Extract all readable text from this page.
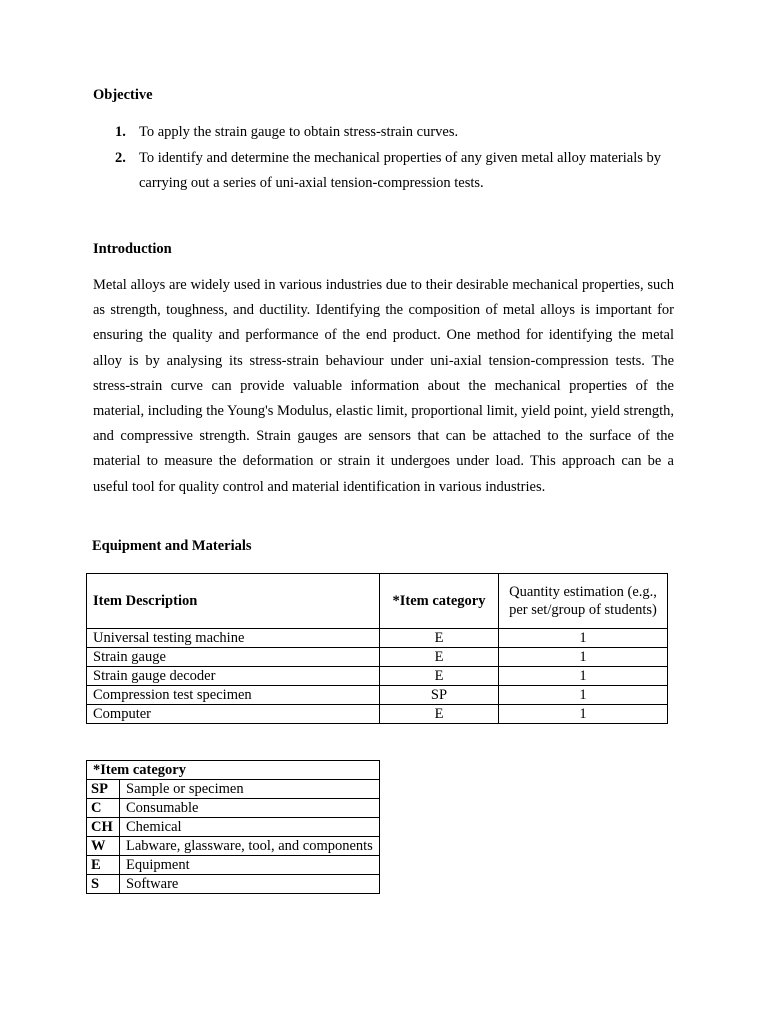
Objective
1. To apply the strain gauge to obtain stress-strain curves.
2. To identify and determine the mechanical properties of any given metal alloy materials by carrying out a series of uni-axial tension-compression tests.
Introduction

Metal alloys are widely used in various industries due to their desirable mechanical properties, such as strength, toughness, and ductility. Identifying the composition of metal alloys is important for ensuring the quality and performance of the end product. One method for identifying the metal alloy is by analysing its stress-strain behaviour under uni-axial tension-compression tests. The stress-strain curve can provide valuable information about the mechanical properties of the material, including the Young's Modulus, elastic limit, proportional limit, yield point, yield strength, and compressive strength. Strain gauges are sensors that can be attached to the surface of the material to measure the deformation or strain it undergoes under load. This approach can be a useful tool for quality control and material identification in various industries.

Equipment and Materials
Item Description	*Item category	Quantity estimation (e.g., per set/group of students)
Universal testing machine	E	1
Strain gauge	E	1
Strain gauge decoder	E	1
Compression test specimen	SP	1
Computer	E	1
*Item category	
SP	Sample or specimen
C	Consumable
CH	Chemical
W	Labware, glassware, tool, and components
E	Equipment
S	Software
